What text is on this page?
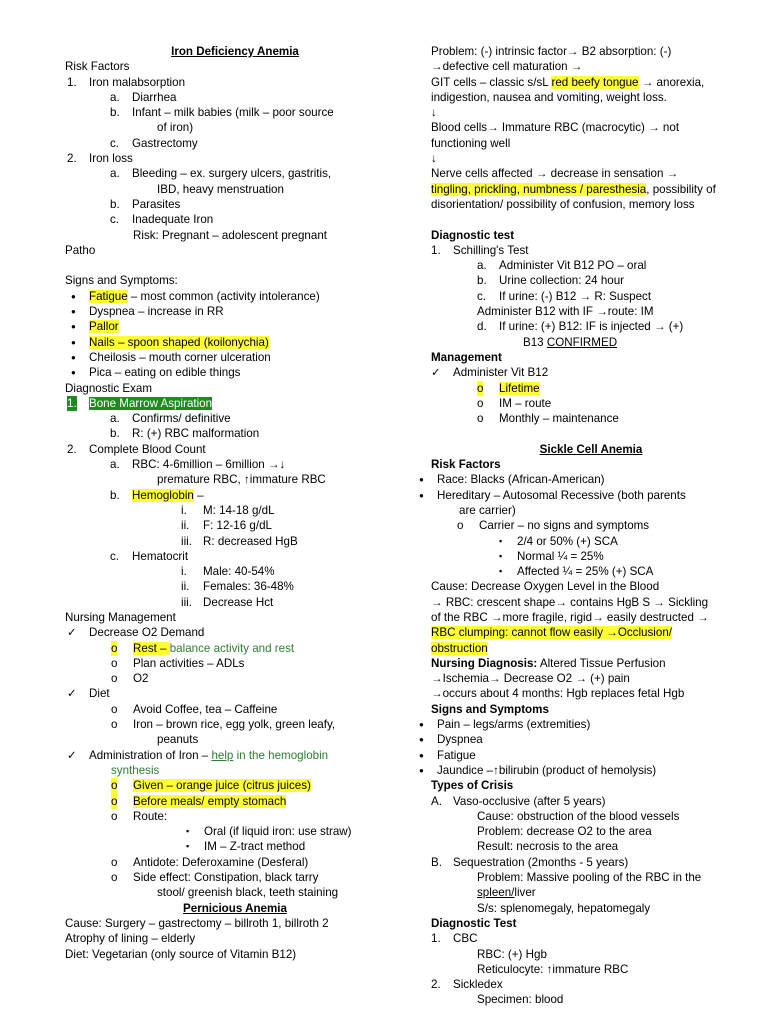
Iron Deficiency Anemia
Risk Factors
1. Iron malabsorption
a. Diarrhea
b. Infant – milk babies (milk – poor source
of iron)
c. Gastrectomy
2. Iron loss
a. Bleeding – ex. surgery ulcers, gastritis,
IBD, heavy menstruation
b. Parasites
c. Inadequate Iron
Risk: Pregnant – adolescent pregnant
Patho
Signs and Symptoms:
● Fatigue – most common (activity intolerance)
● Dyspnea – increase in RR
● Pallor
● Nails – spoon shaped (koilonychia)
● Cheilosis – mouth corner ulceration
● Pica – eating on edible things
Diagnostic Exam
1. Bone Marrow Aspiration
a. Confirms/ definitive
b. R: (+) RBC malformation
2. Complete Blood Count
a. RBC: 4-6million – 6million →↓
premature RBC, ↑immature RBC
b. Hemoglobin –
i. M: 14-18 g/dL
ii. F: 12-16 g/dL
iii. R: decreased HgB
c. Hematocrit
i. Male: 40-54%
ii. Females: 36-48%
iii. Decrease Hct
Nursing Management
✓ Decrease O2 Demand
o Rest – balance activity and rest
o Plan activities – ADLs
o O2
✓ Diet
o Avoid Coffee, tea – Caffeine
o Iron – brown rice, egg yolk, green leafy,
peanuts
✓ Administration of Iron – help in the hemoglobin
synthesis
o Given – orange juice (citrus juices)
o Before meals/ empty stomach
o Route:
▪ Oral (if liquid iron: use straw)
▪ IM – Z-tract method
o Antidote: Deferoxamine (Desferal)
o Side effect: Constipation, black tarry
stool/ greenish black, teeth staining
Pernicious Anemia
Cause: Surgery – gastrectomy – billroth 1, billroth 2
Atrophy of lining – elderly
Diet: Vegetarian (only source of Vitamin B12)
Problem: (-) intrinsic factor→ B2 absorption: (-)
→defective cell maturation →
GIT cells – classic s/sL red beefy tongue → anorexia,
indigestion, nausea and vomiting, weight loss.
↓
Blood cells→ Immature RBC (macrocytic) → not
functioning well
↓
Nerve cells affected → decrease in sensation →
tingling, prickling, numbness / paresthesia, possibility of
disorientation/ possibility of confusion, memory loss
Diagnostic test
1. Schilling's Test
a. Administer Vit B12 PO – oral
b. Urine collection: 24 hour
c. If urine: (-) B12 → R: Suspect
Administer B12 with IF →route: IM
d. If urine: (+) B12: IF is injected → (+)
B13 CONFIRMED
Management
✓ Administer Vit B12
o Lifetime
o IM – route
o Monthly – maintenance
Sickle Cell Anemia
Risk Factors
● Race: Blacks (African-American)
● Hereditary – Autosomal Recessive (both parents
are carrier)
o Carrier – no signs and symptoms
▪ 2/4 or 50% (+) SCA
▪ Normal ¼ = 25%
▪ Affected ¼ = 25% (+) SCA
Cause: Decrease Oxygen Level in the Blood
→ RBC: crescent shape→ contains HgB S → Sickling
of the RBC →more fragile, rigid→ easily destructed →
RBC clumping: cannot flow easily →Occlusion/
obstruction
Nursing Diagnosis: Altered Tissue Perfusion
→Ischemia→ Decrease O2 → (+) pain
→occurs about 4 months: Hgb replaces fetal Hgb
Signs and Symptoms
● Pain – legs/arms (extremities)
● Dyspnea
● Fatigue
● Jaundice –↑bilirubin (product of hemolysis)
Types of Crisis
A. Vaso-occlusive (after 5 years)
Cause: obstruction of the blood vessels
Problem: decrease O2 to the area
Result: necrosis to the area
B. Sequestration (2months - 5 years)
Problem: Massive pooling of the RBC in the
spleen/liver
S/s: splenomegaly, hepatomegaly
Diagnostic Test
1. CBC
RBC: (+) Hgb
Reticulocyte: ↑immature RBC
2. Sickledex
Specimen: blood
